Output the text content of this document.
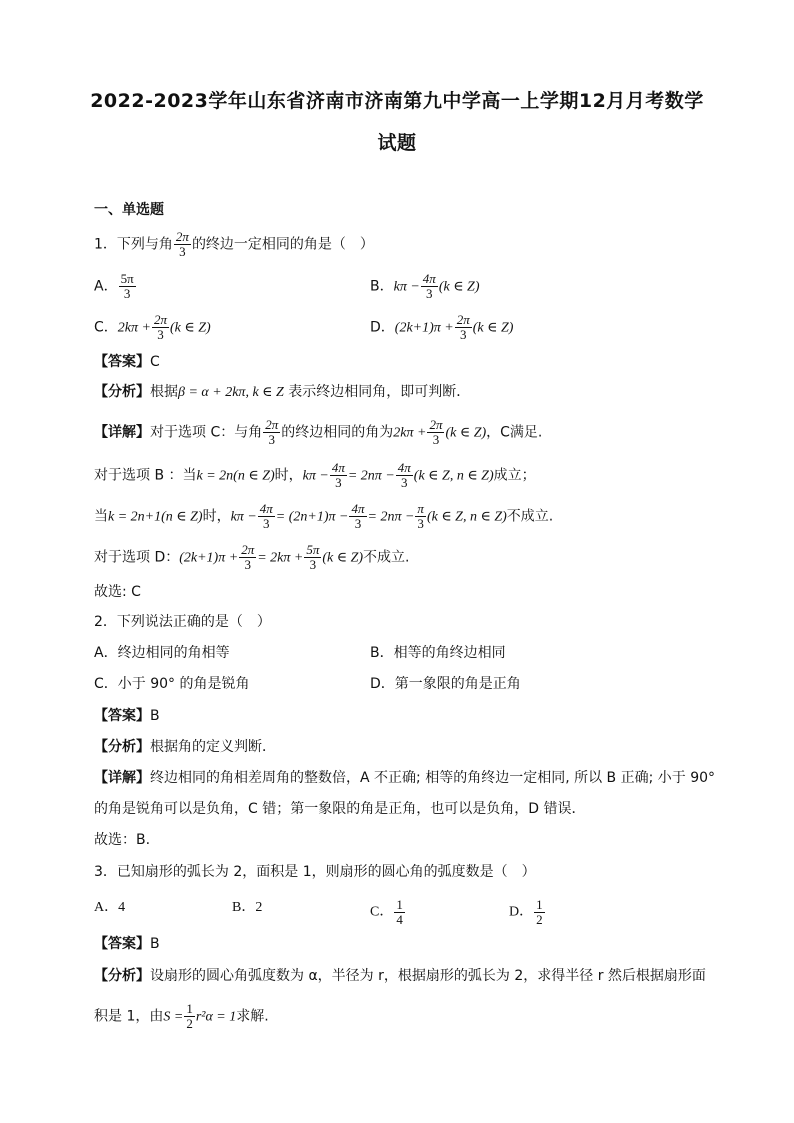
2022-2023学年山东省济南市济南第九中学高一上学期12月月考数学
试题
一、单选题
1．下列与角 $\frac{2\pi}{3}$ 的终边一定相同的角是（　）
A． $\frac{5\pi}{3}$	B．$k\pi - \frac{4\pi}{3} (k$ ∈ Z)
C．$2k\pi + \frac{2\pi}{3} (k$ ∈ Z)	D．$(2k+1)\pi + \frac{2\pi}{3} (k$ ∈ Z)
【答案】C
【分析】根据β = α + 2kπ, k ∈ Z 表示终边相同角，即可判断．
【详解】对于选项 C：与角 $\frac{2\pi}{3}$ 的终边相同的角为$2k\pi + \frac{2\pi}{3} (k$ ∈ Z)，C满足.
对于选项 B ：当k = 2n(n ∈ Z)时，$k\pi - \frac{4\pi}{3} = 2n\pi - \frac{4\pi}{3} (k$ ∈ Z, n ∈ Z)成立；
当k = 2n+1(n ∈ Z)时，$k\pi - \frac{4\pi}{3} = (2n+1)\pi - \frac{4\pi}{3} = 2n\pi - \frac{\pi}{3} (k$ ∈ Z, n ∈ Z)不成立.
对于选项 D：$(2k+1)\pi + \frac{2\pi}{3} = 2k\pi + \frac{5\pi}{3} (k$ ∈ Z)不成立.
故选: C
2．下列说法正确的是（　）
A．终边相同的角相等	B．相等的角终边相同
C．小于 90° 的角是锐角	D．第一象限的角是正角
【答案】B
【分析】根据角的定义判断．
【详解】终边相同的角相差周角的整数倍，A 不正确; 相等的角终边一定相同, 所以 B 正确; 小于 90°
的角是锐角可以是负角，C 错；第一象限的角是正角，也可以是负角，D 错误．
故选：B.
3．已知扇形的弧长为 2，面积是 1，则扇形的圆心角的弧度数是（　）
A．4	B．2	C． $\frac{1}{4}$	D． $\frac{1}{2}$
【答案】B
【分析】设扇形的圆心角弧度数为 α，半径为 r，根据扇形的弧长为 2，求得半径 r 然后根据扇形面
积是 1，由$S = \frac{1}{2} r^2\alpha = 1$求解.
